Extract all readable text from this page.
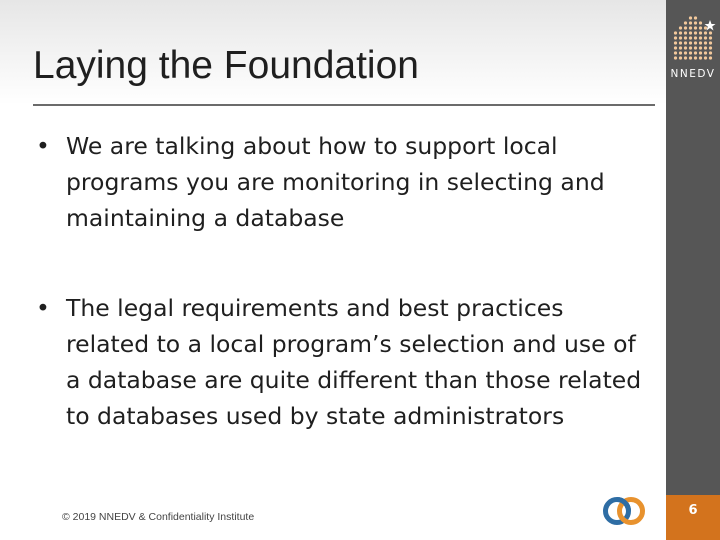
Laying the Foundation	NNEDV
• We are talking about how to support local programs you are monitoring in selecting and maintaining a database
• The legal requirements and best practices related to a local program’s selection and use of a database are quite different than those related to databases used by state administrators
© 2019 NNEDV & Confidentiality Institute	6
